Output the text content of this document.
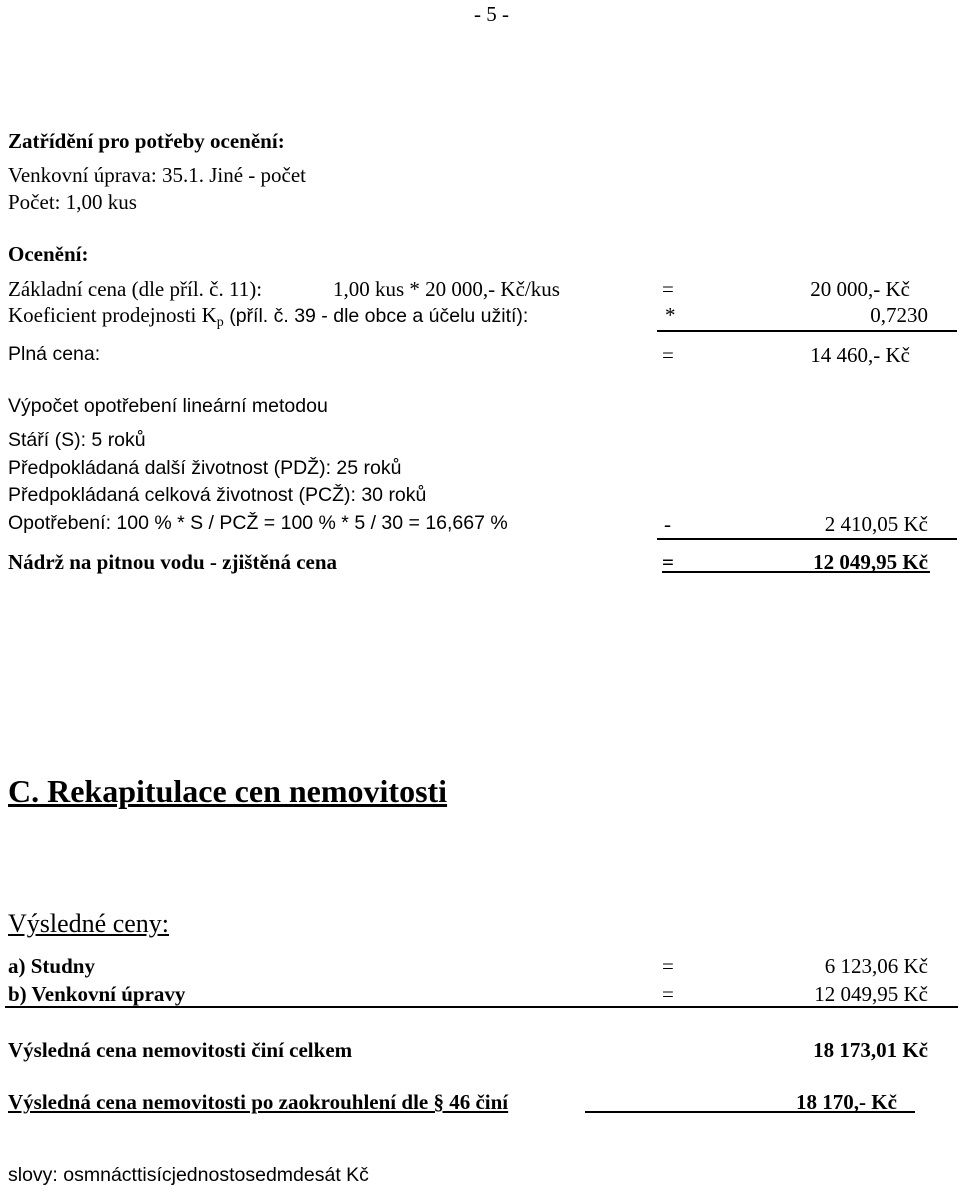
- 5 -
Zatřídění pro potřeby ocenění:
Venkovní úprava: 35.1. Jiné - počet
Počet: 1,00 kus
Ocenění:
Základní cena (dle příl. č. 11):	1,00 kus * 20 000,- Kč/kus	=	20 000,- Kč
Koeficient prodejnosti Kp (příl. č. 39 - dle obce a účelu užití):	*	0,7230
Plná cena:	=	14 460,- Kč
Výpočet opotřebení lineární metodou
Stáří (S): 5 roků
Předpokládaná další životnost (PDŽ): 25 roků
Předpokládaná celková životnost (PCŽ): 30 roků
Opotřebení: 100 % * S / PCŽ = 100 % * 5 / 30 = 16,667 %	-	2 410,05 Kč
Nádrž na pitnou vodu - zjištěná cena	=	12 049,95 Kč
C. Rekapitulace cen nemovitosti
Výsledné ceny:
a) Studny	=	6 123,06 Kč
b) Venkovní úpravy	=	12 049,95 Kč
Výsledná cena nemovitosti činí celkem	18 173,01 Kč
Výsledná cena nemovitosti po zaokrouhlení dle § 46 činí	18 170,- Kč
slovy: osmnácttisícjednostosedmdesát Kč
